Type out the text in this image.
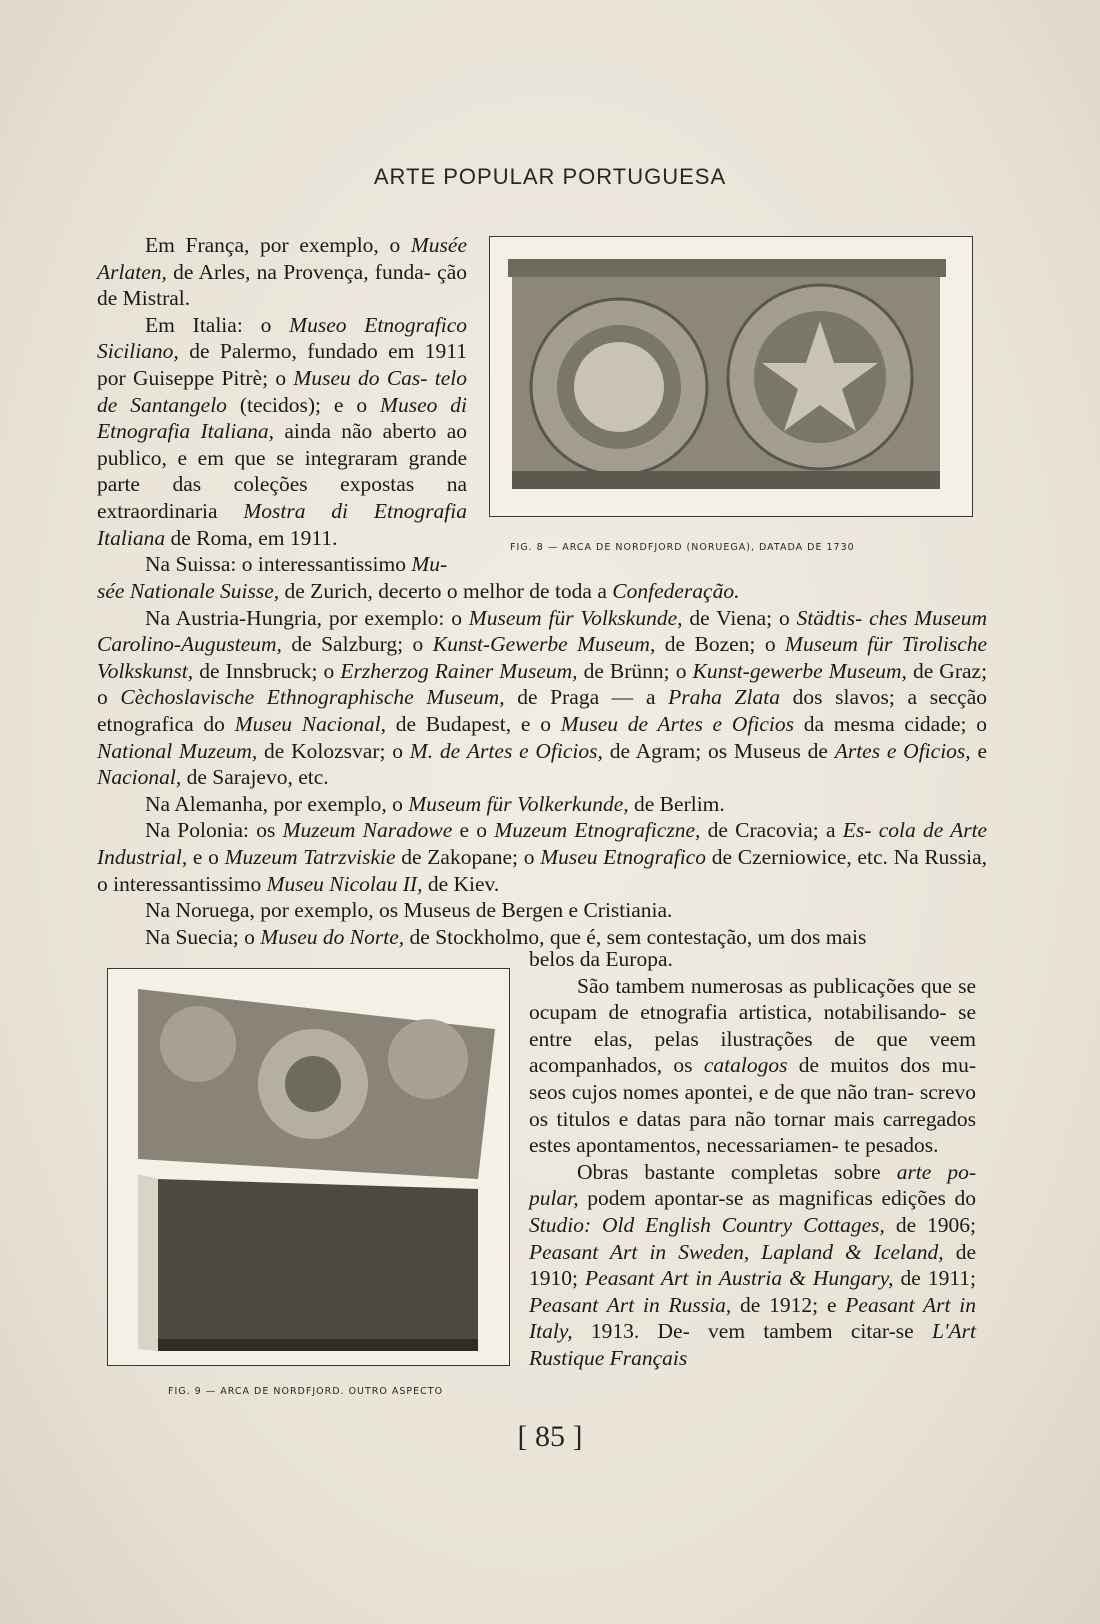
ARTE POPULAR PORTUGUESA

Em França, por exemplo, o Musée Arlaten, de Arles, na Provença, funda- ção de Mistral.

Em Italia: o Museo Etnografico Siciliano, de Palermo, fundado em 1911 por Guiseppe Pitrè; o Museu do Cas- telo de Santangelo (tecidos); e o Museo di Etnografia Italiana, ainda não aberto ao publico, e em que se integraram grande parte das coleções expostas na extraordinaria Mostra di Etnografia Italiana de Roma, em 1911.

Na Suissa: o interessantissimo Mu-

FIG. 8 — ARCA DE NORDFJORD (NORUEGA), DATADA DE 1730

sée Nationale Suisse, de Zurich, decerto o melhor de toda a Confederação.

Na Austria-Hungria, por exemplo: o Museum für Volkskunde, de Viena; o Städtis- ches Museum Carolino-Augusteum, de Salzburg; o Kunst-Gewerbe Museum, de Bozen; o Museum für Tirolische Volkskunst, de Innsbruck; o Erzherzog Rainer Museum, de Brünn; o Kunst-gewerbe Museum, de Graz; o Cèchoslavische Ethnographische Museum, de Praga — a Praha Zlata dos slavos; a secção etnografica do Museu Nacional, de Budapest, e o Museu de Artes e Oficios da mesma cidade; o National Muzeum, de Kolozsvar; o M. de Artes e Oficios, de Agram; os Museus de Artes e Oficios, e Nacional, de Sarajevo, etc.

Na Alemanha, por exemplo, o Museum für Volkerkunde, de Berlim.

Na Polonia: os Muzeum Naradowe e o Muzeum Etnograficzne, de Cracovia; a Es- cola de Arte Industrial, e o Muzeum Tatrzviskie de Zakopane; o Museu Etnografico de Czerniowice, etc. Na Russia, o interessantissimo Museu Nicolau II, de Kiev.

Na Noruega, por exemplo, os Museus de Bergen e Cristiania.

Na Suecia; o Museu do Norte, de Stockholmo, que é, sem contestação, um dos mais

FIG. 9 — ARCA DE NORDFJORD. OUTRO ASPECTO

belos da Europa.

São tambem numerosas as publicações que se ocupam de etnografia artistica, notabilisando- se entre elas, pelas ilustrações de que veem acompanhados, os catalogos de muitos dos mu- seos cujos nomes apontei, e de que não tran- screvo os titulos e datas para não tornar mais carregados estes apontamentos, necessariamen- te pesados.

Obras bastante completas sobre arte po- pular, podem apontar-se as magnificas edições do Studio: Old English Country Cottages, de 1906; Peasant Art in Sweden, Lapland & Iceland, de 1910; Peasant Art in Austria & Hungary, de 1911; Peasant Art in Russia, de 1912; e Peasant Art in Italy, 1913. De- vem tambem citar-se L'Art Rustique Français

[ 85 ]
